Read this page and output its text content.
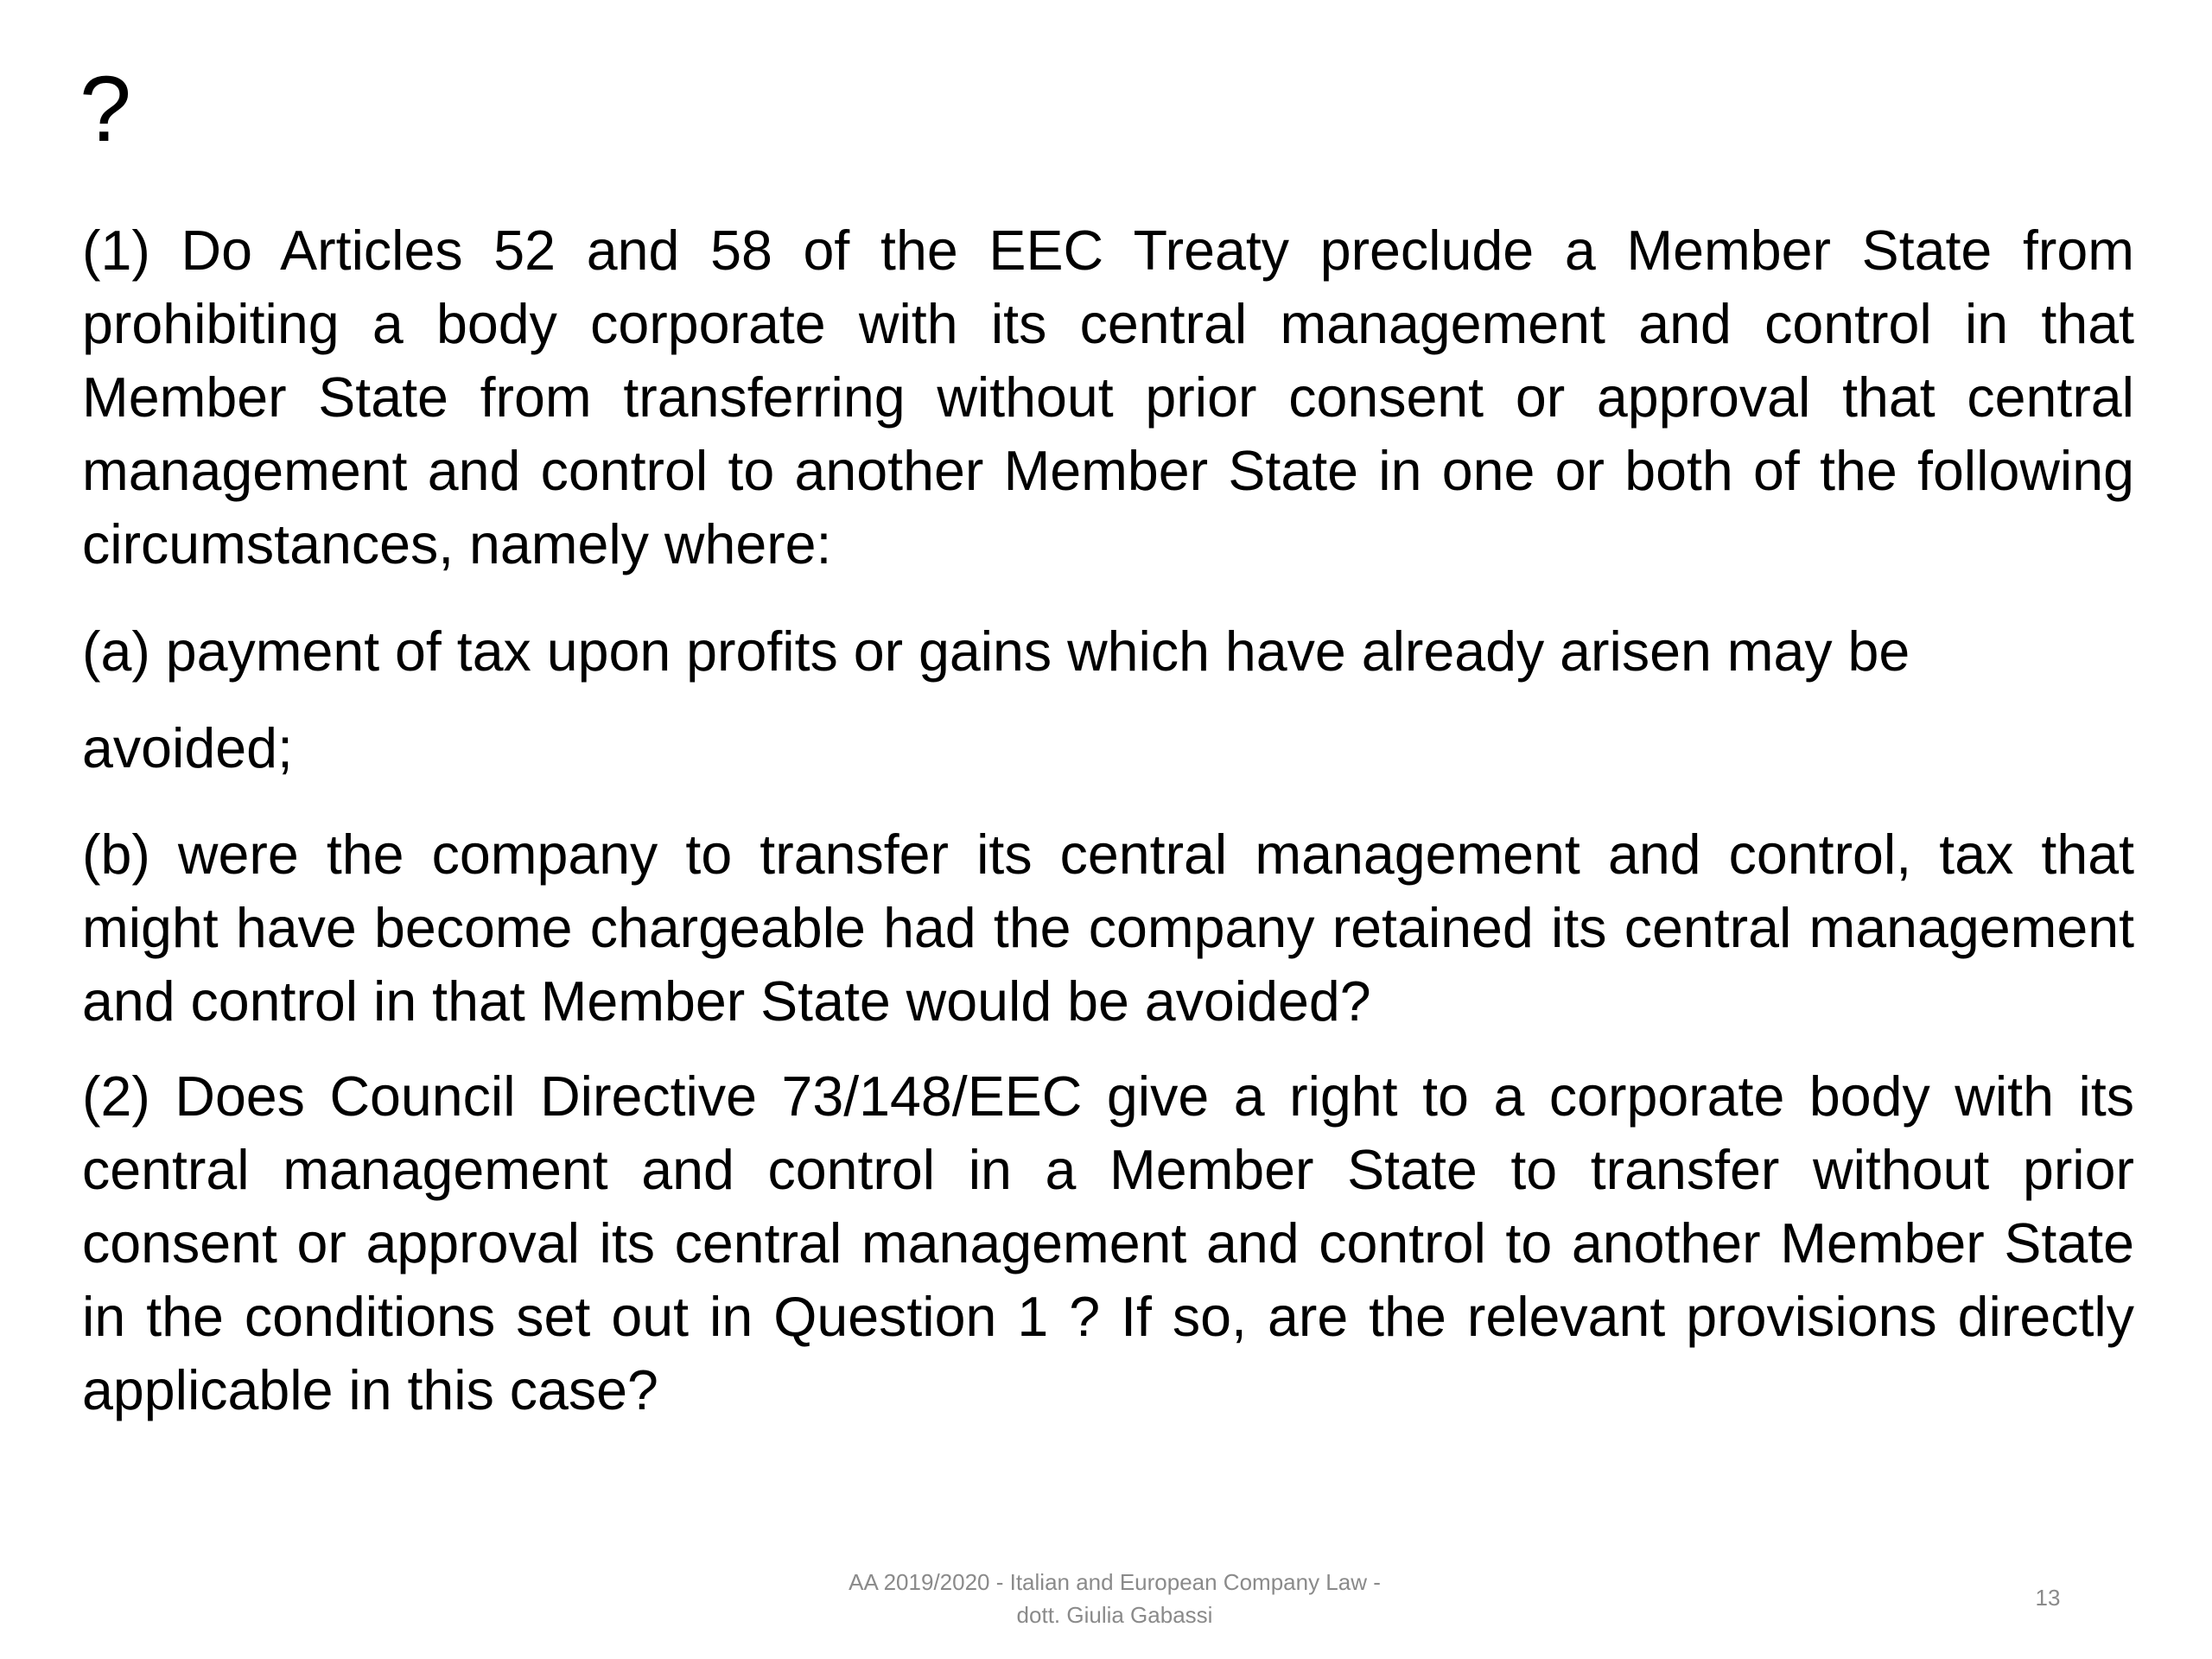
?

(1) Do Articles 52 and 58 of the EEC Treaty preclude a Member State from prohibiting a body corporate with its central management and control in that Member State from transferring without prior consent or approval that central management and control to another Member State in one or both of the following circumstances, namely where:

(a) payment of tax upon profits or gains which have already arisen may be avoided;

(b) were the company to transfer its central management and control, tax that might have become chargeable had the company retained its central management and control in that Member State would be avoided?

(2) Does Council Directive 73/148/EEC give a right to a corporate body with its central management and control in a Member State to transfer without prior consent or approval its central management and control to another Member State in the conditions set out in Question 1 ? If so, are the relevant provisions directly applicable in this case?

AA 2019/2020 - Italian and European Company Law -
dott. Giulia Gabassi
13
